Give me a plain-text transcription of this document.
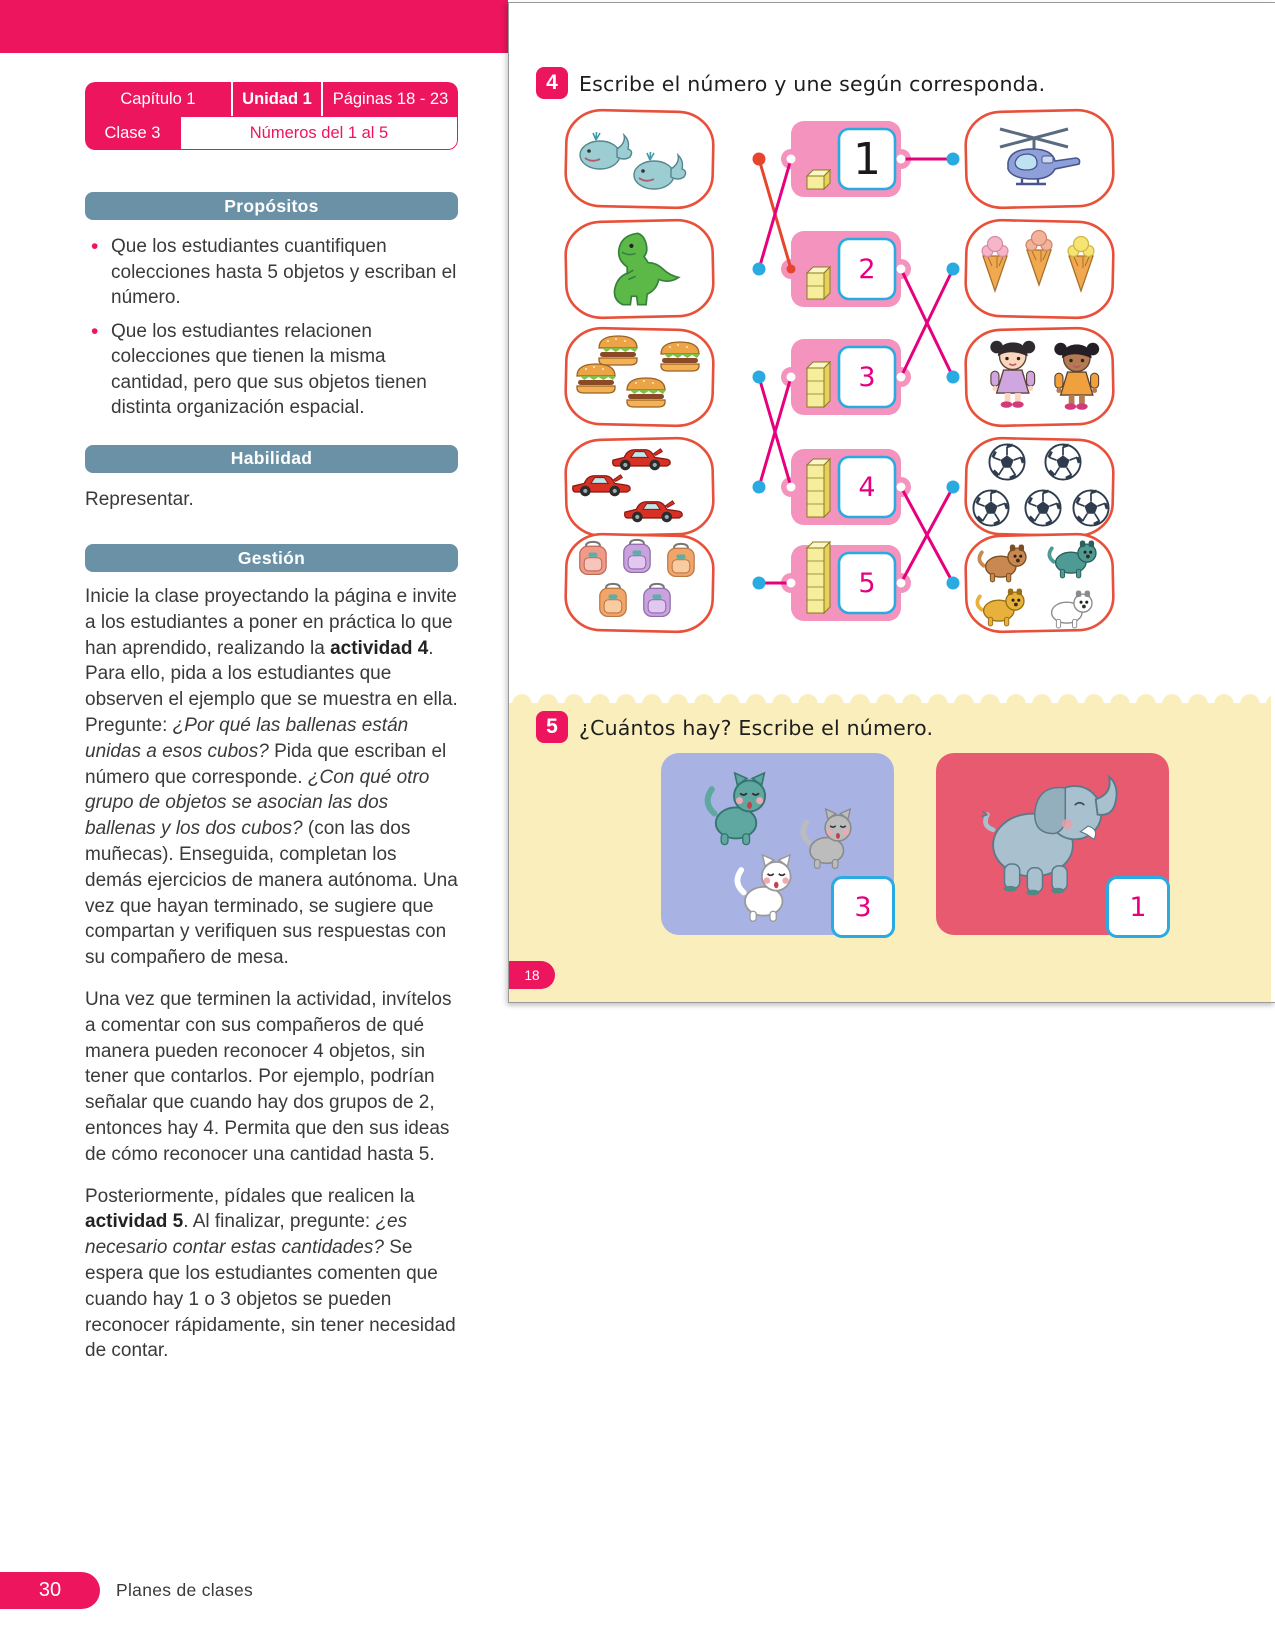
Capítulo 1	Unidad 1	Páginas 18 - 23
Clase 3	Números del 1 al 5
Propósitos
• Que los estudiantes cuantifiquen colecciones hasta 5 objetos y escriban el número.
• Que los estudiantes relacionen colecciones que tienen la misma cantidad, pero que sus objetos tienen distinta organización espacial.
Habilidad

Representar.

Gestión

Inicie la clase proyectando la página e invite a los estudiantes a poner en práctica lo que han aprendido, realizando la actividad 4. Para ello, pida a los estudiantes que observen el ejemplo que se muestra en ella. Pregunte: ¿Por qué las ballenas están unidas a esos cubos? Pida que escriban el número que corresponde. ¿Con qué otro grupo de objetos se asocian las dos ballenas y los dos cubos? (con las dos muñecas). Enseguida, completan los demás ejercicios de manera autónoma. Una vez que hayan terminado, se sugiere que compartan y verifiquen sus respuestas con su compañero de mesa.

Una vez que terminen la actividad, invítelos a comentar con sus compañeros de qué manera pueden reconocer 4 objetos, sin tener que contarlos. Por ejemplo, podrían señalar que cuando hay dos grupos de 2, entonces hay 4. Permita que den sus ideas de cómo reconocer una cantidad hasta 5.

Posteriormente, pídales que realicen la actividad 5. Al finalizar, pregunte: ¿es necesario contar estas cantidades? Se espera que los estudiantes comenten que cuando hay 1 o 3 objetos se pueden reconocer rápidamente, sin tener necesidad de contar.

4	Escribe el número y une según corresponda.
1
2
3
4
5
5	¿Cuántos hay? Escribe el número.
3	1
18
30	Planes de clases
